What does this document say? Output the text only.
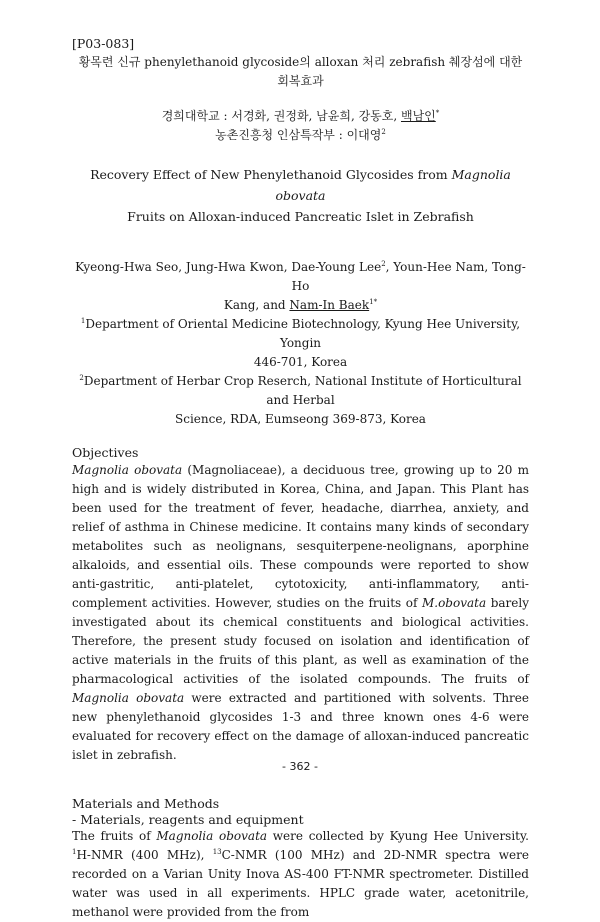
[P03-083]

황목련 신규 phenylethanoid glycoside의 alloxan 처리 zebrafish 췌장섬에 대한

회복효과

경희대학교 : 서경화, 권정화, 남윤희, 강동호, 백남인*
농촌진흥청 인삼특작부 : 이대영$^2$
Recovery Effect of New Phenylethanoid Glycosides from Magnolia obovata
Fruits on Alloxan-induced Pancreatic Islet in Zebrafish
Kyeong-Hwa Seo, Jung-Hwa Kwon, Dae-Young Lee$^2$, Youn-Hee Nam, Tong-Ho
Kang, and Nam-In Baek$^{1*}$

$^1$Department of Oriental Medicine Biotechnology, Kyung Hee University, Yongin

446-701, Korea

$^2$Department of Herbar Crop Reserch, National Institute of Horticultural and Herbal

Science, RDA, Eumseong 369-873, Korea

Objectives

Magnolia obovata (Magnoliaceae), a deciduous tree, growing up to 20 m high and is widely distributed in Korea, China, and Japan. This Plant has been used for the treatment of fever, headache, diarrhea, anxiety, and relief of asthma in Chinese medicine. It contains many kinds of secondary metabolites such as neolignans, sesquiterpene-neolignans, aporphine alkaloids, and essential oils. These compounds were reported to show anti-gastritic, anti-platelet, cytotoxicity, anti-inflammatory, anti-complement activities. However, studies on the fruits of M.obovata barely investigated about its chemical constituents and biological activities. Therefore, the present study focused on isolation and identification of active materials in the fruits of this plant, as well as examination of the pharmacological activities of the isolated compounds. The fruits of Magnolia obovata were extracted and partitioned with solvents. Three new phenylethanoid glycosides 1-3 and three known ones 4-6 were evaluated for recovery effect on the damage of alloxan-induced pancreatic islet in zebrafish.

Materials and Methods

- Materials, reagents and equipment

The fruits of Magnolia obovata were collected by Kyung Hee University. $^1$H-NMR (400 MHz), $^{13}$C-NMR (100 MHz) and 2D-NMR spectra were recorded on a Varian Unity Inova AS-400 FT-NMR spectrometer. Distilled water was used in all experiments. HPLC grade water, acetonitrile, methanol were provided from the from

- 362 -
